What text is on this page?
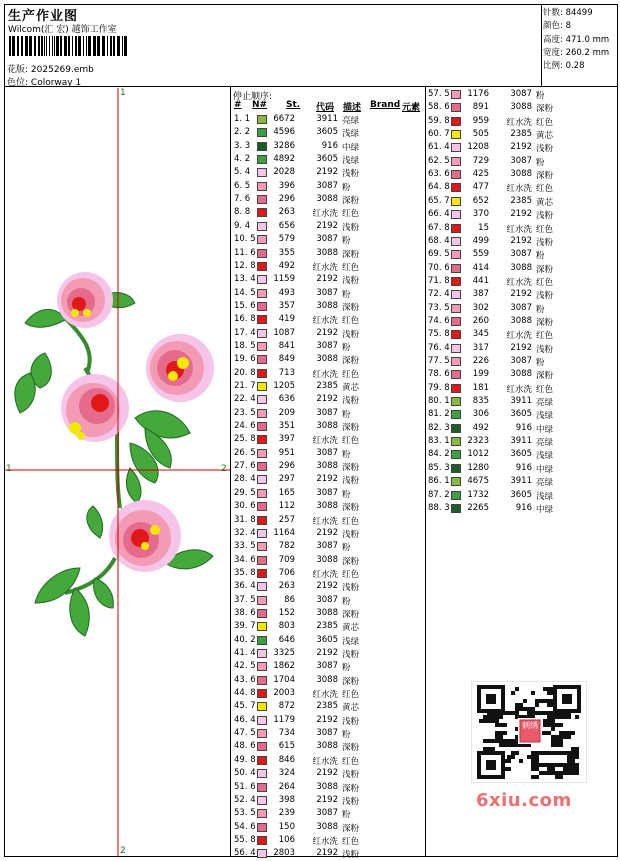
生产作业图
Wilcom(汇 宏) 越饰工作室
花版: 2025269.emb
色位: Colorway 1
针数: 84499
颜色: 8
高度: 471.0 mm
宽度: 260.2 mm
比例: 0.28
1
1	2
2
停止顺序:
# N# St. 代码 描述 Brand 元素
1. 1	6672	3911 亮绿
2. 2	4596	3605 浅绿
3. 3	3286	916 中绿
4. 2	4892	3605 浅绿
5. 4	2028	2192 浅粉
6. 5	396	3087 粉
7. 6	296	3088 深粉
8. 8	263	红水洗 红色
9. 4	656	2192 浅粉
10. 5	579	3087 粉
11. 6	355	3088 深粉
12. 8	492	红水洗 红色
13. 4	1159	2192 浅粉
14. 5	493	3087 粉
15. 6	357	3088 深粉
16. 8	419	红水洗 红色
17. 4	1087	2192 浅粉
18. 5	841	3087 粉
19. 6	849	3088 深粉
20. 8	713	红水洗 红色
21. 7	1205	2385 黄芯
22. 4	636	2192 浅粉
23. 5	209	3087 粉
24. 6	351	3088 深粉
25. 8	397	红水洗 红色
26. 5	951	3087 粉
27. 6	296	3088 深粉
28. 4	297	2192 浅粉
29. 5	165	3087 粉
30. 6	112	3088 深粉
31. 8	257	红水洗 红色
32. 4	1164	2192 浅粉
33. 5	782	3087 粉
34. 6	709	3088 深粉
35. 8	706	红水洗 红色
36. 4	263	2192 浅粉
37. 5	86	3087 粉
38. 6	152	3088 深粉
39. 7	803	2385 黄芯
40. 2	646	3605 浅绿
41. 4	3325	2192 浅粉
42. 5	1862	3087 粉
43. 6	1704	3088 深粉
44. 8	2003	红水洗 红色
45. 7	872	2385 黄芯
46. 4	1179	2192 浅粉
47. 5	734	3087 粉
48. 6	615	3088 深粉
49. 8	846	红水洗 红色
50. 4	324	2192 浅粉
51. 6	264	3088 深粉
52. 4	398	2192 浅粉
53. 5	239	3087 粉
54. 6	150	3088 深粉
55. 8	106	红水洗 红色
56. 4	2803	2192 浅粉
57. 5	1176	3087 粉
58. 6	891	3088 深粉
59. 8	959	红水洗 红色
60. 7	505	2385 黄芯
61. 4	1208	2192 浅粉
62. 5	729	3087 粉
63. 6	425	3088 深粉
64. 8	477	红水洗 红色
65. 7	652	2385 黄芯
66. 4	370	2192 浅粉
67. 8	15	红水洗 红色
68. 4	499	2192 浅粉
69. 5	559	3087 粉
70. 6	414	3088 深粉
71. 8	441	红水洗 红色
72. 4	387	2192 浅粉
73. 5	302	3087 粉
74. 6	260	3088 深粉
75. 8	345	红水洗 红色
76. 4	317	2192 浅粉
77. 5	226	3087 粉
78. 6	199	3088 深粉
79. 8	181	红水洗 红色
80. 1	835	3911 亮绿
81. 2	306	3605 浅绿
82. 3	492	916 中绿
83. 1	2323	3911 亮绿
84. 2	1012	3605 浅绿
85. 3	1280	916 中绿
86. 1	4675	3911 亮绿
87. 2	1732	3605 浅绿
88. 3	2265	916 中绿
刺绣
6xiu.com
